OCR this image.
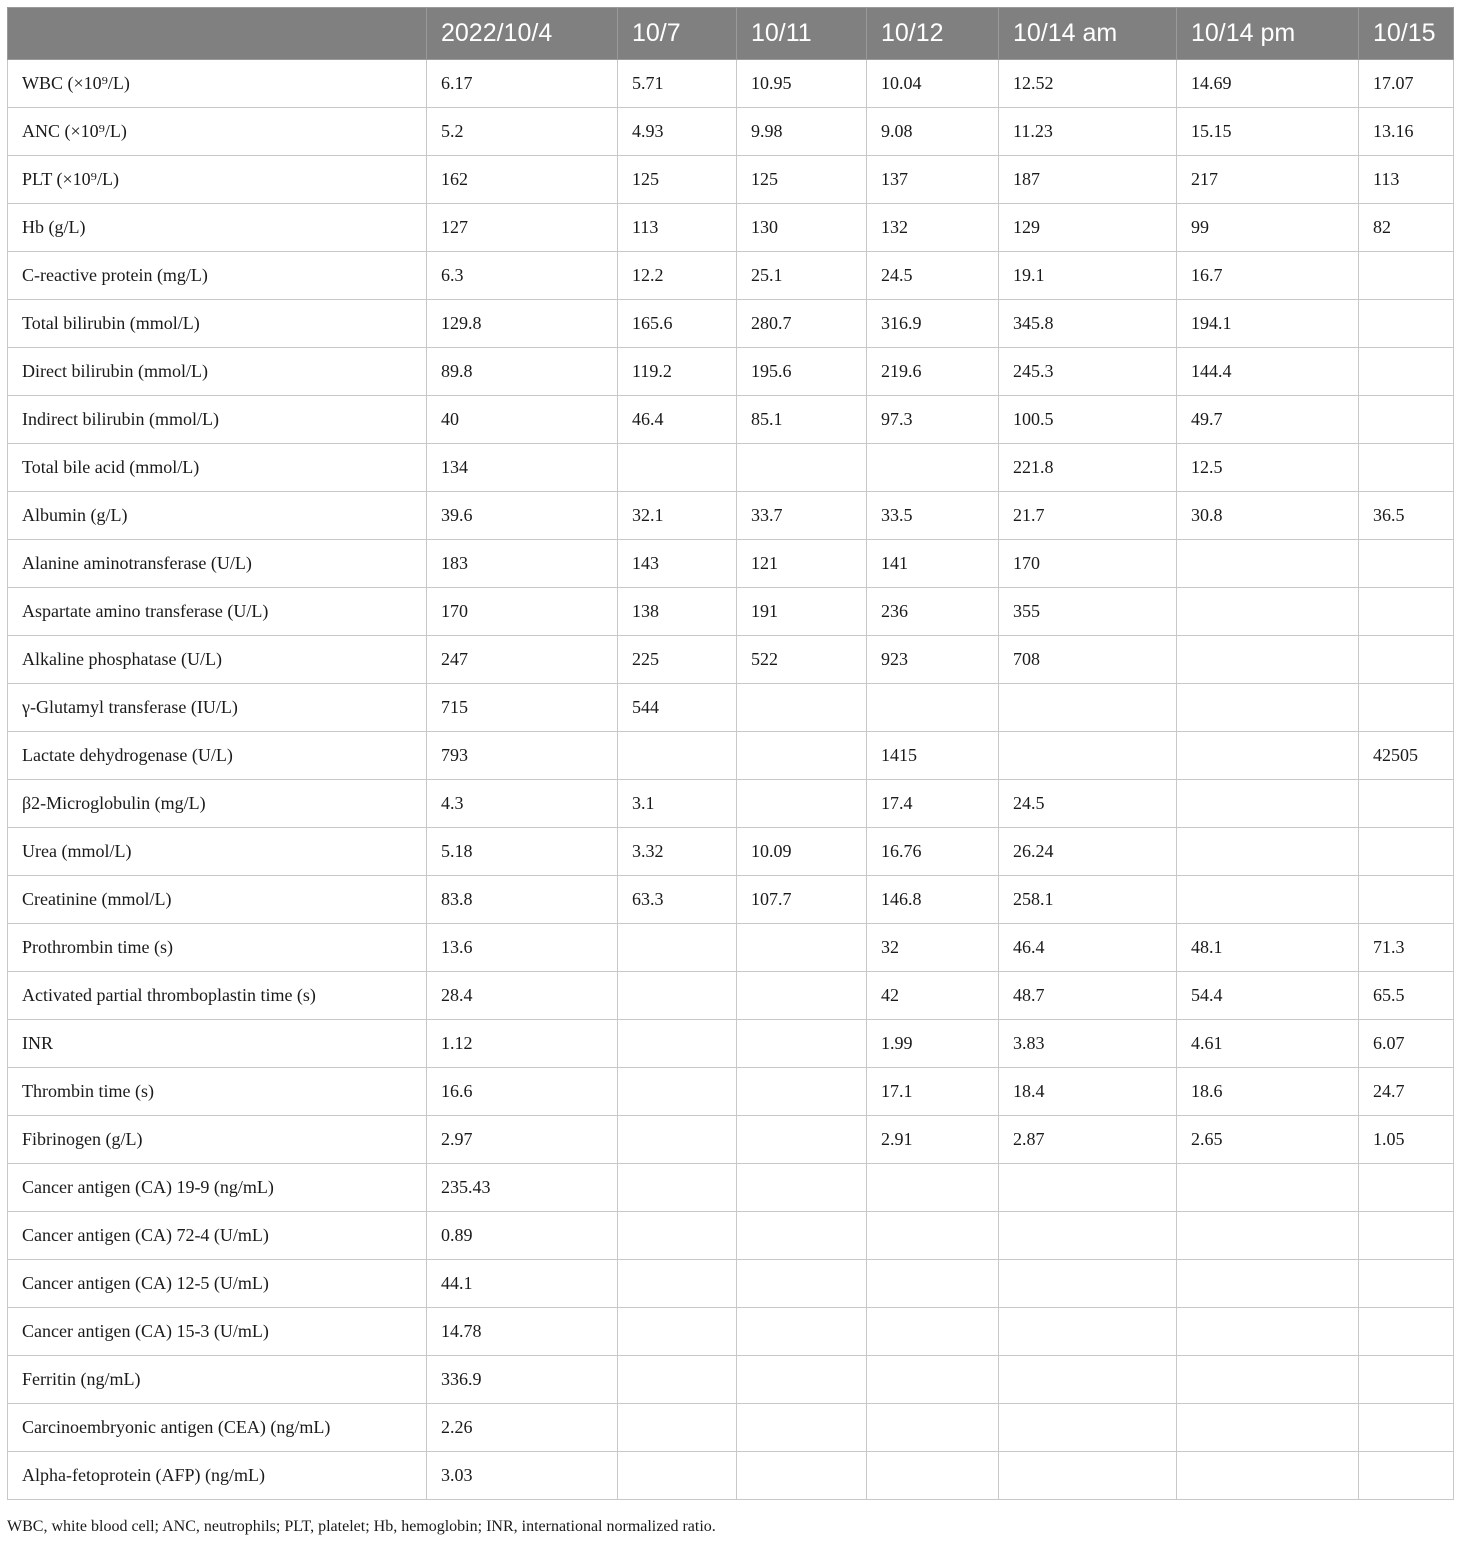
	2022/10/4	10/7	10/11	10/12	10/14 am	10/14 pm	10/15
WBC (×10⁹/L)	6.17	5.71	10.95	10.04	12.52	14.69	17.07
ANC (×10⁹/L)	5.2	4.93	9.98	9.08	11.23	15.15	13.16
PLT (×10⁹/L)	162	125	125	137	187	217	113
Hb (g/L)	127	113	130	132	129	99	82
C-reactive protein (mg/L)	6.3	12.2	25.1	24.5	19.1	16.7	
Total bilirubin (mmol/L)	129.8	165.6	280.7	316.9	345.8	194.1	
Direct bilirubin (mmol/L)	89.8	119.2	195.6	219.6	245.3	144.4	
Indirect bilirubin (mmol/L)	40	46.4	85.1	97.3	100.5	49.7	
Total bile acid (mmol/L)	134				221.8	12.5	
Albumin (g/L)	39.6	32.1	33.7	33.5	21.7	30.8	36.5
Alanine aminotransferase (U/L)	183	143	121	141	170		
Aspartate amino transferase (U/L)	170	138	191	236	355		
Alkaline phosphatase (U/L)	247	225	522	923	708		
γ-Glutamyl transferase (IU/L)	715	544					
Lactate dehydrogenase (U/L)	793			1415			42505
β2-Microglobulin (mg/L)	4.3	3.1		17.4	24.5		
Urea (mmol/L)	5.18	3.32	10.09	16.76	26.24		
Creatinine (mmol/L)	83.8	63.3	107.7	146.8	258.1		
Prothrombin time (s)	13.6			32	46.4	48.1	71.3
Activated partial thromboplastin time (s)	28.4			42	48.7	54.4	65.5
INR	1.12			1.99	3.83	4.61	6.07
Thrombin time (s)	16.6			17.1	18.4	18.6	24.7
Fibrinogen (g/L)	2.97			2.91	2.87	2.65	1.05
Cancer antigen (CA) 19-9 (ng/mL)	235.43						
Cancer antigen (CA) 72-4 (U/mL)	0.89						
Cancer antigen (CA) 12-5 (U/mL)	44.1						
Cancer antigen (CA) 15-3 (U/mL)	14.78						
Ferritin (ng/mL)	336.9						
Carcinoembryonic antigen (CEA) (ng/mL)	2.26						
Alpha-fetoprotein (AFP) (ng/mL)	3.03						
WBC, white blood cell; ANC, neutrophils; PLT, platelet; Hb, hemoglobin; INR, international normalized ratio.
